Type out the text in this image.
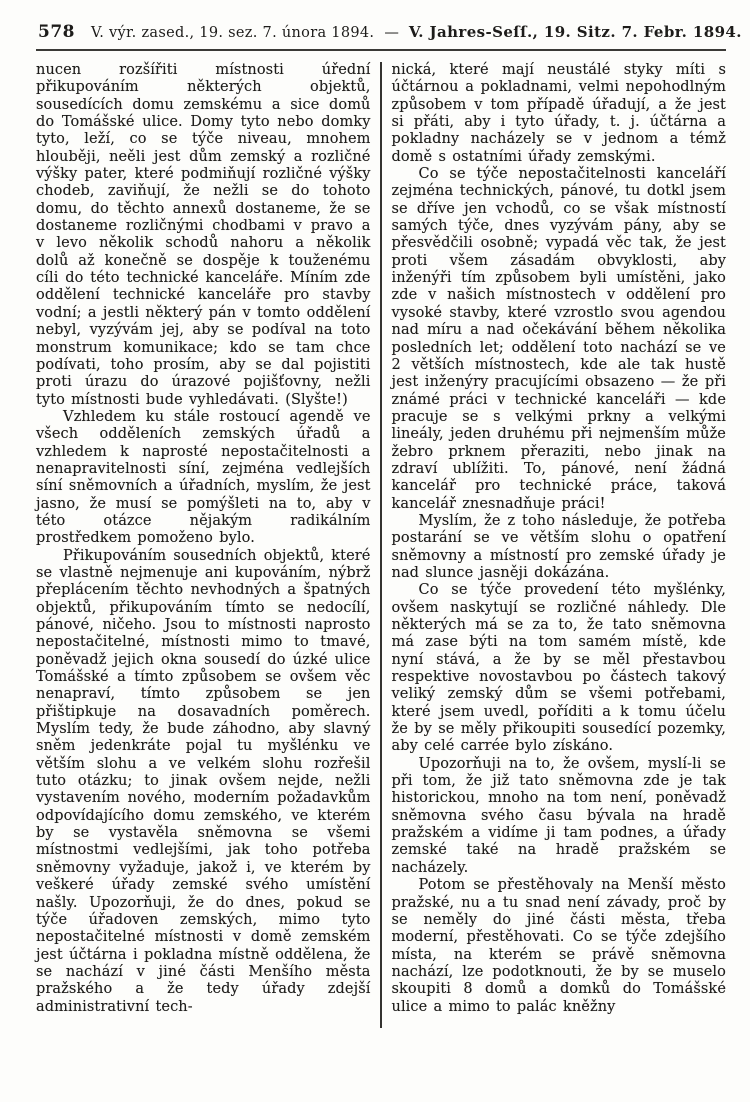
578 V. výr. zased., 19. sez. 7. února 1894. — V. Jahres-Seſſ., 19. Sitz. 7. Febr. 1894.

nucen rozšířiti místnosti úřední přikupováním některých objektů, sousedících domu zemskému a sice domů do Tomášské ulice. Domy tyto nebo domky tyto, leží, co se týče niveau, mnohem hlouběji, neěli jest dům zemský a rozličné výšky pater, které podmiňují rozličné výšky chodeb, zaviňují, že nežli se do tohoto domu, do těchto annexů dostaneme, že se dostaneme rozličnými chodbami v pravo a v levo několik schodů nahoru a několik dolů až konečně se dospěje k touženému cíli do této technické kanceláře. Míním zde oddělení technické kanceláře pro stavby vodní; a jestli některý pán v tomto oddělení nebyl, vyzývám jej, aby se podíval na toto monstrum komunikace; kdo se tam chce podívati, toho prosím, aby se dal pojistiti proti úrazu do úrazové pojišťovny, nežli tyto místnosti bude vyhledávati. (Slyšte!)

Vzhledem ku stále rostoucí agendě ve všech odděleních zemských úřadů a vzhledem k naprosté nepostačitelnosti a nenapravitelnosti síní, zejména vedlejších síní sněmovních a úřadních, myslím, že jest jasno, že musí se pomýšleti na to, aby v této otázce nějakým radikálním prostředkem pomoženo bylo.

Přikupováním sousedních objektů, které se vlastně nejmenuje ani kupováním, nýbrž přeplácením těchto nevhodných a špatných objektů, přikupováním tímto se nedocílí, pánové, ničeho. Jsou to místnosti naprosto nepostačitelné, místnosti mimo to tmavé, poněvadž jejich okna sousedí do úzké ulice Tomášské a tímto způsobem se ovšem věc nenapraví, tímto způsobem se jen přištipkuje na dosavadních poměrech. Myslím tedy, že bude záhodno, aby slavný sněm jedenkráte pojal tu myšlénku ve větším slohu a ve velkém slohu rozřešil tuto otázku; to jinak ovšem nejde, nežli vystavením nového, moderním požadavkům odpovídajícího domu zemského, ve kterém by se vystavěla sněmovna se všemi místnostmi vedlejšími, jak toho potřeba sněmovny vyžaduje, jakož i, ve kterém by veškeré úřady zemské svého umístění našly. Upozorňuji, že do dnes, pokud se týče úřadoven zemských, mimo tyto nepostačitelné místnosti v domě zemském jest účtárna i pokladna místně oddělena, že se nachází v jiné části Menšího města pražského a že tedy úřady zdejší administrativní tech-

nická, které mají neustálé styky míti s účtárnou a pokladnami, velmi nepohodlným způsobem v tom případě úřadují, a že jest si přáti, aby i tyto úřady, t. j. účtárna a pokladny nacházely se v jednom a témž domě s ostatními úřady zemskými.

Co se týče nepostačitelnosti kanceláří zejména technických, pánové, tu dotkl jsem se dříve jen vchodů, co se však místností samých týče, dnes vyzývám pány, aby se přesvědčili osobně; vypadá věc tak, že jest proti všem zásadám obvyklosti, aby inženýři tím způsobem byli umístěni, jako zde v našich místnostech v oddělení pro vysoké stavby, které vzrostlo svou agendou nad míru a nad očekávání během několika posledních let; oddělení toto nachází se ve 2 větších místnostech, kde ale tak hustě jest inženýry pracujícími obsazeno — že při známé práci v technické kanceláři — kde pracuje se s velkými prkny a velkými lineály, jeden druhému při nejmenším může žebro prknem přeraziti, nebo jinak na zdraví ublížiti. To, pánové, není žádná kancelář pro technické práce, taková kancelář znesnadňuje práci!

Myslím, že z toho následuje, že potřeba postarání se ve větším slohu o opatření sněmovny a místností pro zemské úřady je nad slunce jasněji dokázána.

Co se týče provedení této myšlénky, ovšem naskytují se rozličné náhledy. Dle některých má se za to, že tato sněmovna má zase býti na tom samém místě, kde nyní stává, a že by se měl přestavbou respektive novostavbou po částech takový veliký zemský dům se všemi potřebami, které jsem uvedl, poříditi a k tomu účelu že by se měly přikoupiti sousedící pozemky, aby celé carrée bylo získáno.

Upozorňuji na to, že ovšem, myslí-li se při tom, že již tato sněmovna zde je tak historickou, mnoho na tom není, poněvadž sněmovna svého času bývala na hradě pražském a vidíme ji tam podnes, a úřady zemské také na hradě pražském se nacházely.

Potom se přestěhovaly na Menší město pražské, nu a tu snad není závady, proč by se neměly do jiné části města, třeba moderní, přestěhovati. Co se týče zdejšího místa, na kterém se právě sněmovna nachází, lze podotknouti, že by se muselo skoupiti 8 domů a domků do Tomášské ulice a mimo to palác kněžny
